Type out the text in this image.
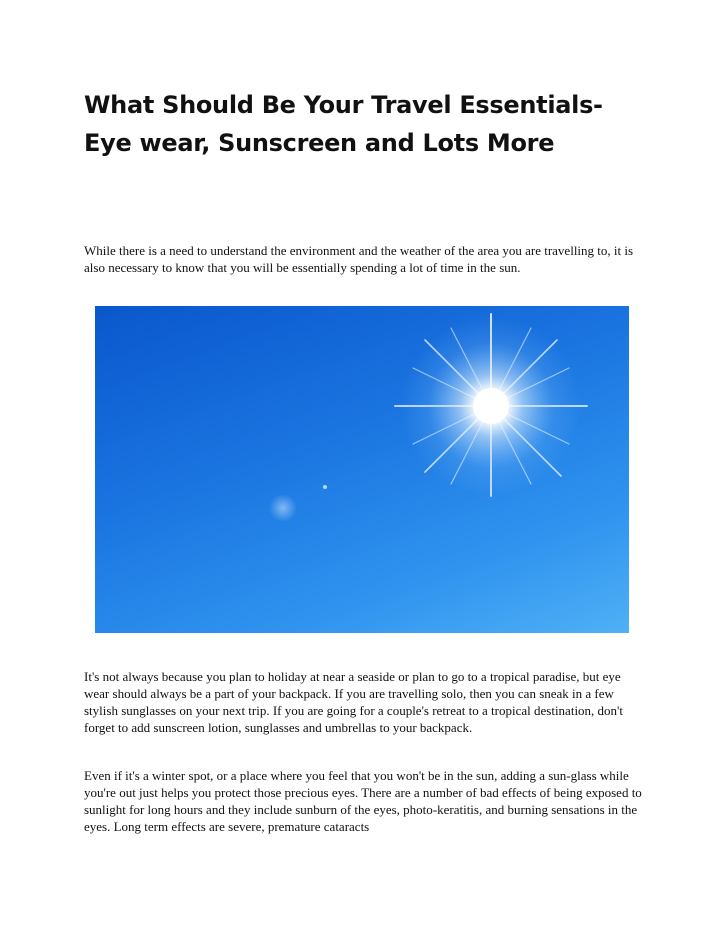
What Should Be Your Travel Essentials- Eye wear, Sunscreen and Lots More

While there is a need to understand the environment and the weather of the area you are travelling to, it is also necessary to know that you will be essentially spending a lot of time in the sun.

It's not always because you plan to holiday at near a seaside or plan to go to a tropical paradise, but eye wear should always be a part of your backpack. If you are travelling solo, then you can sneak in a few stylish sunglasses on your next trip. If you are going for a couple's retreat to a tropical destination, don't forget to add sunscreen lotion, sunglasses and umbrellas to your backpack.

Even if it's a winter spot, or a place where you feel that you won't be in the sun, adding a sun-glass while you're out just helps you protect those precious eyes. There are a number of bad effects of being exposed to sunlight for long hours and they include sunburn of the eyes, photo-keratitis, and burning sensations in the eyes. Long term effects are severe, premature cataracts
